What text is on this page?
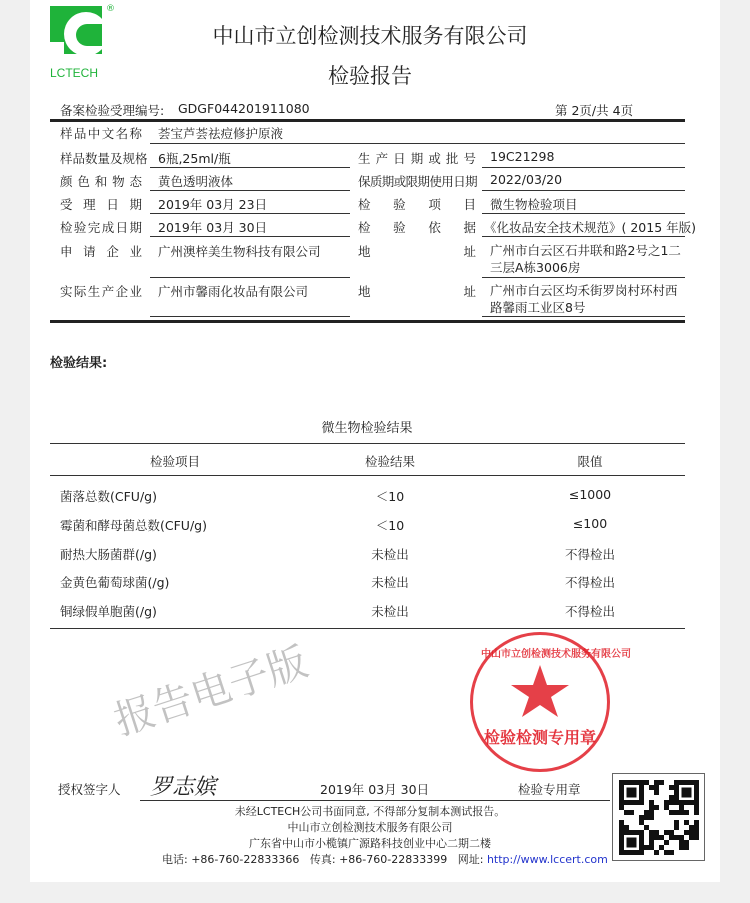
®
LCTECH
中山市立创检测技术服务有限公司
检验报告
备案检验受理编号: GDGF044201911080	第 2页/共 4页
样品中文名称 荟宝芦荟祛痘修护原液
样品数量及规格 6瓶,25ml/瓶	生产日期或批号 19C21298
颜色和物态 黄色透明液体	保质期或限期使用日期 2022/03/20
受理日期 2019年 03月 23日	检验项目 微生物检验项目
检验完成日期 2019年 03月 30日	检验依据 《化妆品安全技术规范》( 2015 年版)
申请企业 广州澳梓美生物科技有限公司	地址 广州市白云区石井联和路2号之1二三层A栋3006房
实际生产企业 广州市馨雨化妆品有限公司	地址 广州市白云区均禾街罗岗村环村西路馨雨工业区8号
检验结果:
微生物检验结果
检验项目	检验结果	限值
菌落总数(CFU/g)	＜10	≤1000
霉菌和酵母菌总数(CFU/g)	＜10	≤100
耐热大肠菌群(/g)	未检出	不得检出
金黄色葡萄球菌(/g)	未检出	不得检出
铜绿假单胞菌(/g)	未检出	不得检出
报告电子版
授权签字人 罗志嫔	2019年 03月 30日	检验专用章
未经LCTECH公司书面同意, 不得部分复制本测试报告。
中山市立创检测技术服务有限公司
广东省中山市小榄镇广源路科技创业中心二期二楼
电话: +86-760-22833366 传真: +86-760-22833399 网址: http://www.lccert.com
中山市立创检测技术服务有限公司
检验检测专用章
